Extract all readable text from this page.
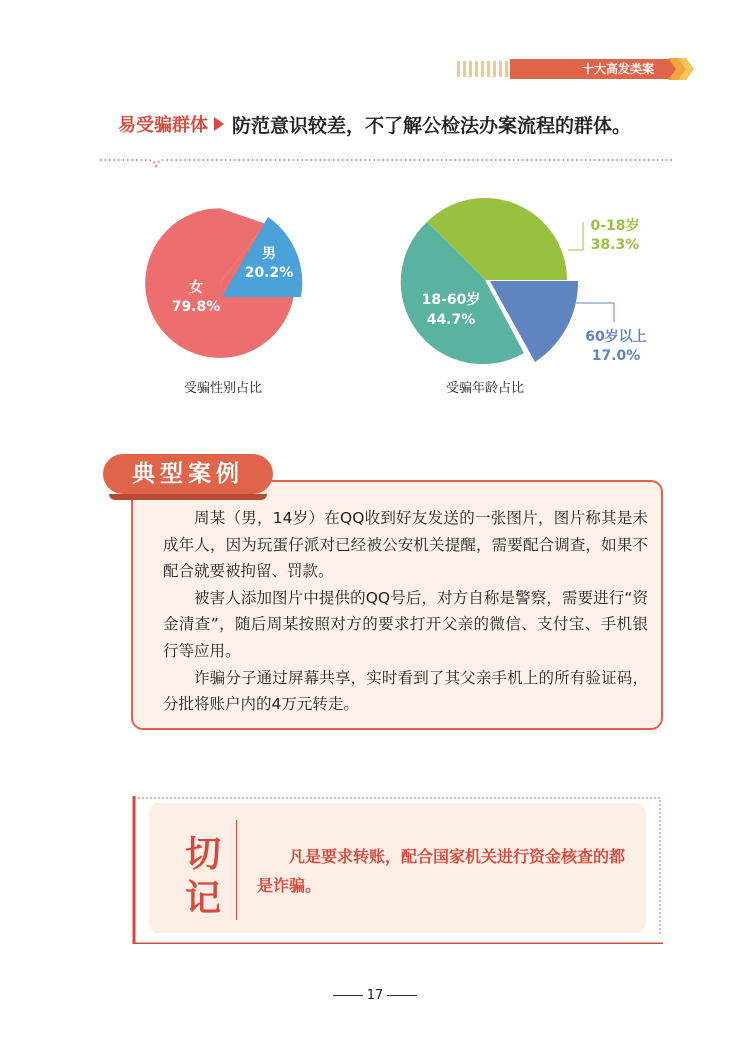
十大高发类案
易受骗群体 防范意识较差，不了解公检法办案流程的群体。
男
20.2%
女
79.8%	18-60岁
44.7%
0-18岁
38.3%
60岁以上
17.0%
受骗性别占比	受骗年龄占比
典型案例

周某（男，14岁）在QQ收到好友发送的一张图片，图片称其是未成年人，因为玩蛋仔派对已经被公安机关提醒，需要配合调查，如果不配合就要被拘留、罚款。

被害人添加图片中提供的QQ号后，对方自称是警察，需要进行“资金清查”，随后周某按照对方的要求打开父亲的微信、支付宝、手机银行等应用。

诈骗分子通过屏幕共享，实时看到了其父亲手机上的所有验证码，分批将账户内的4万元转走。

切
记
凡是要求转账，配合国家机关进行资金核查的都是诈骗。
17
